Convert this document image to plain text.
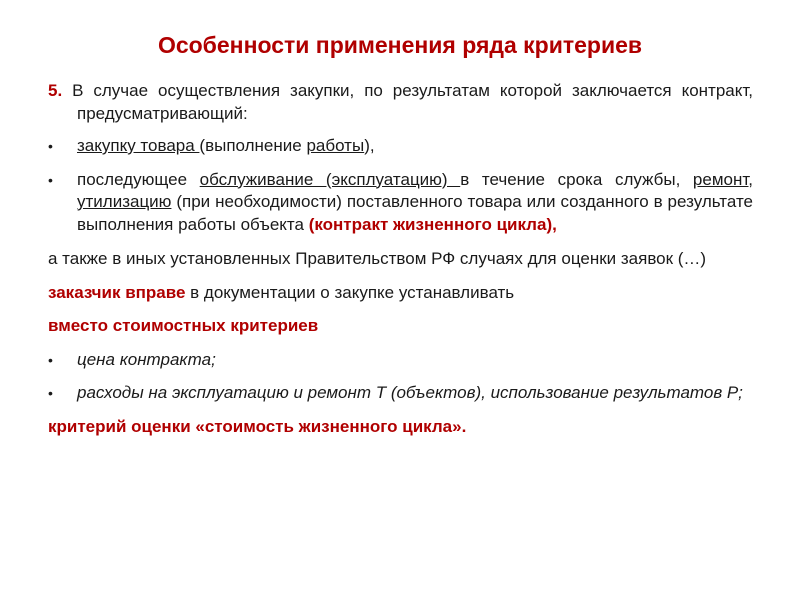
Особенности применения ряда критериев

5. В случае осуществления закупки, по результатам которой заключается контракт, предусматривающий:

• закупку товара (выполнение работы),
• последующее обслуживание (эксплуатацию) в течение срока службы, ремонт, утилизацию (при необходимости) поставленного товара или созданного в результате выполнения работы объекта (контракт жизненного цикла),

а также в иных установленных Правительством РФ случаях для оценки заявок (…)

заказчик вправе в документации о закупке устанавливать

вместо стоимостных критериев

• цена контракта;
• расходы на эксплуатацию и ремонт Т (объектов), использование результатов Р;

критерий оценки «стоимость жизненного цикла».
